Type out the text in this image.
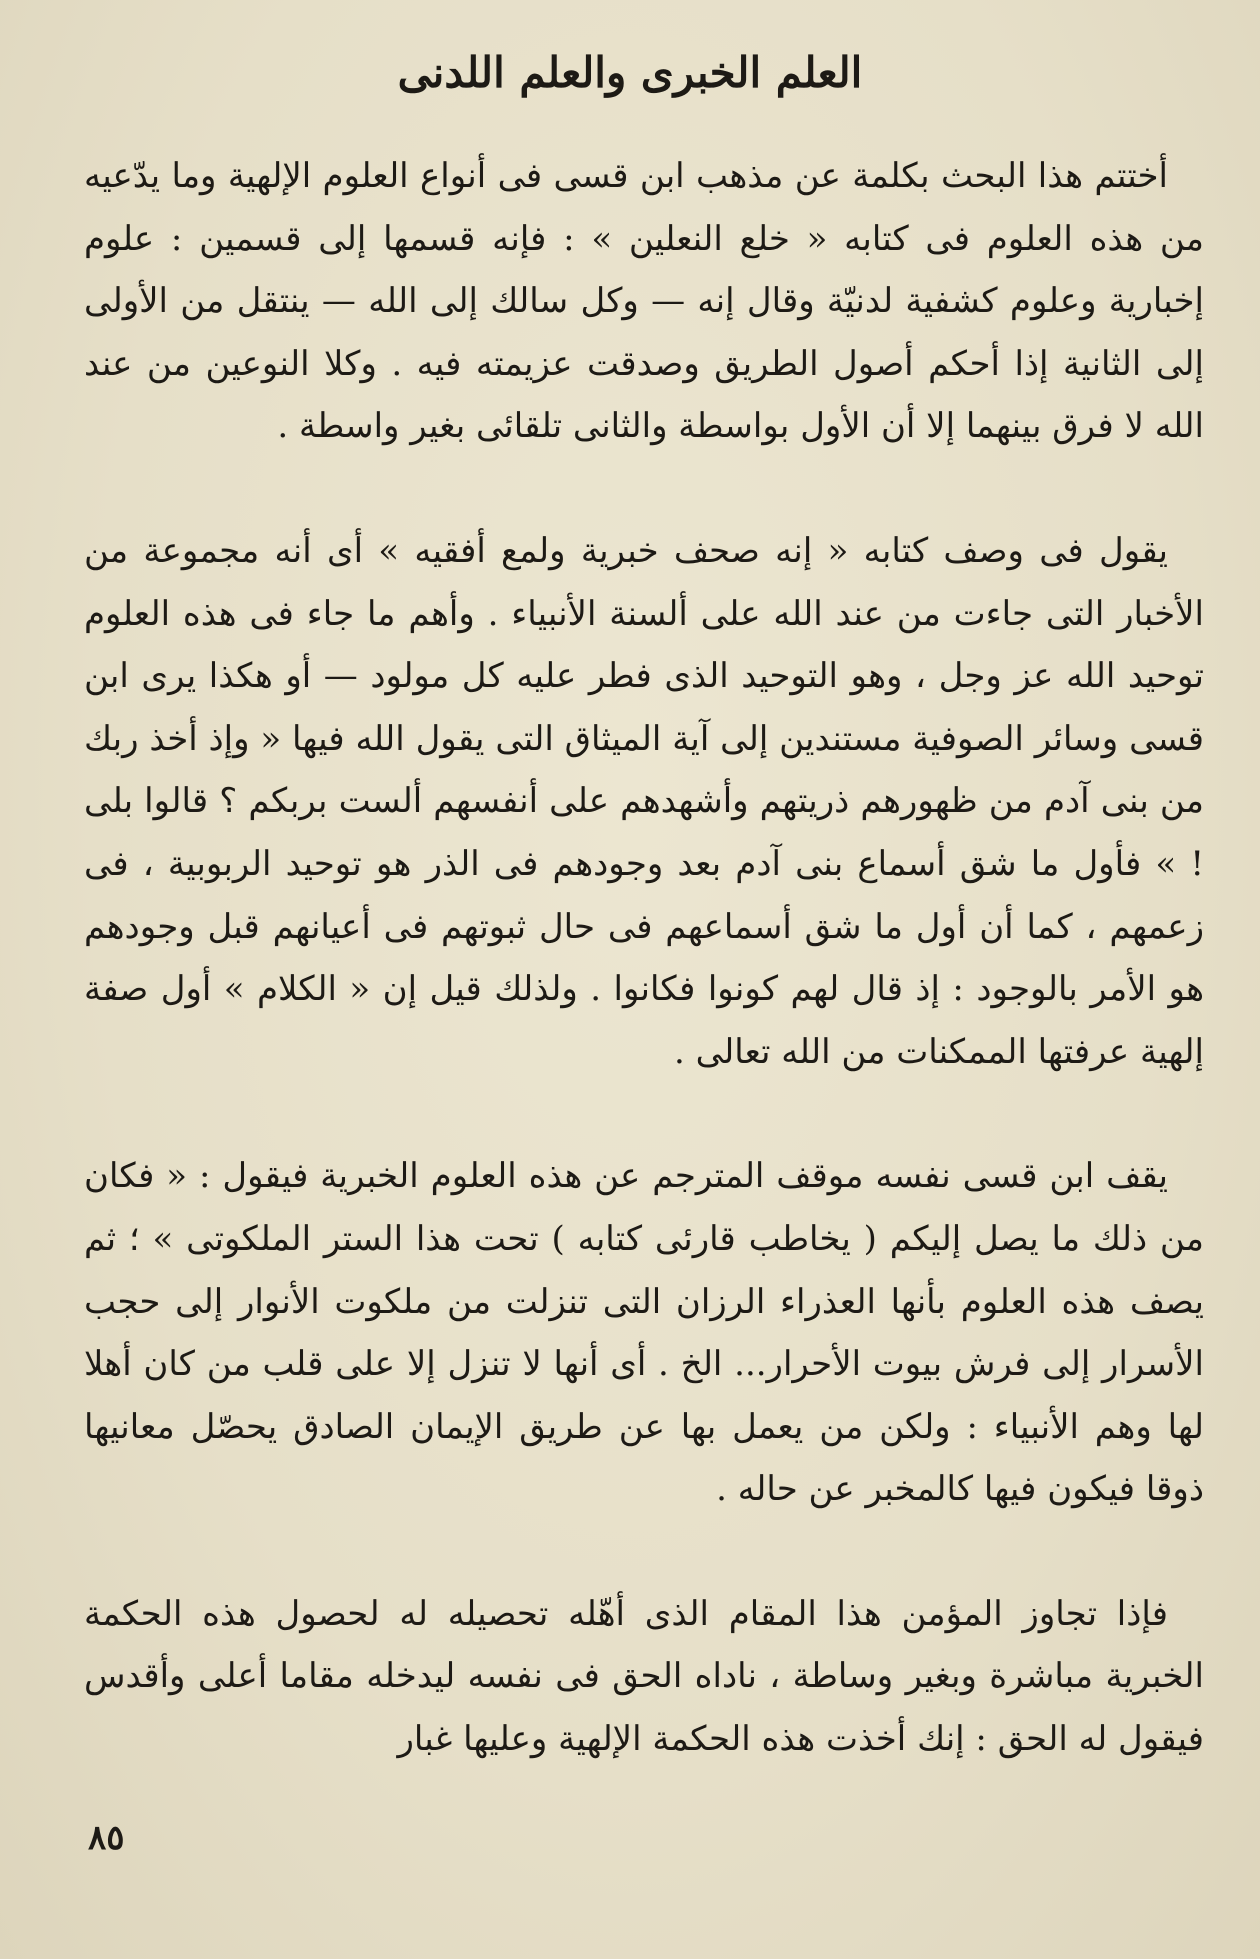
العلم الخبرى والعلم اللدنى

أختتم هذا البحث بكلمة عن مذهب ابن قسى فى أنواع العلوم الإلهية وما يدّعيه من هذه العلوم فى كتابه « خلع النعلين » : فإنه قسمها إلى قسمين : علوم إخبارية وعلوم كشفية لدنيّة وقال إنه — وكل سالك إلى الله — ينتقل من الأولى إلى الثانية إذا أحكم أصول الطريق وصدقت عزيمته فيه . وكلا النوعين من عند الله لا فرق بينهما إلا أن الأول بواسطة والثانى تلقائى بغير واسطة .

يقول فى وصف كتابه « إنه صحف خبرية ولمع أفقيه » أى أنه مجموعة من الأخبار التى جاءت من عند الله على ألسنة الأنبياء . وأهم ما جاء فى هذه العلوم توحيد الله عز وجل ، وهو التوحيد الذى فطر عليه كل مولود — أو هكذا يرى ابن قسى وسائر الصوفية مستندين إلى آية الميثاق التى يقول الله فيها « وإذ أخذ ربك من بنى آدم من ظهورهم ذريتهم وأشهدهم على أنفسهم ألست بربكم ؟ قالوا بلى ! » فأول ما شق أسماع بنى آدم بعد وجودهم فى الذر هو توحيد الربوبية ، فى زعمهم ، كما أن أول ما شق أسماعهم فى حال ثبوتهم فى أعيانهم قبل وجودهم هو الأمر بالوجود : إذ قال لهم كونوا فكانوا . ولذلك قيل إن « الكلام » أول صفة إلهية عرفتها الممكنات من الله تعالى .

يقف ابن قسى نفسه موقف المترجم عن هذه العلوم الخبرية فيقول : « فكان من ذلك ما يصل إليكم ( يخاطب قارئى كتابه ) تحت هذا الستر الملكوتى » ؛ ثم يصف هذه العلوم بأنها العذراء الرزان التى تنزلت من ملكوت الأنوار إلى حجب الأسرار إلى فرش بيوت الأحرار... الخ . أى أنها لا تنزل إلا على قلب من كان أهلا لها وهم الأنبياء : ولكن من يعمل بها عن طريق الإيمان الصادق يحصّل معانيها ذوقا فيكون فيها كالمخبر عن حاله .

فإذا تجاوز المؤمن هذا المقام الذى أهّله تحصيله له لحصول هذه الحكمة الخبرية مباشرة وبغير وساطة ، ناداه الحق فى نفسه ليدخله مقاما أعلى وأقدس فيقول له الحق : إنك أخذت هذه الحكمة الإلهية وعليها غبار

٨٥
